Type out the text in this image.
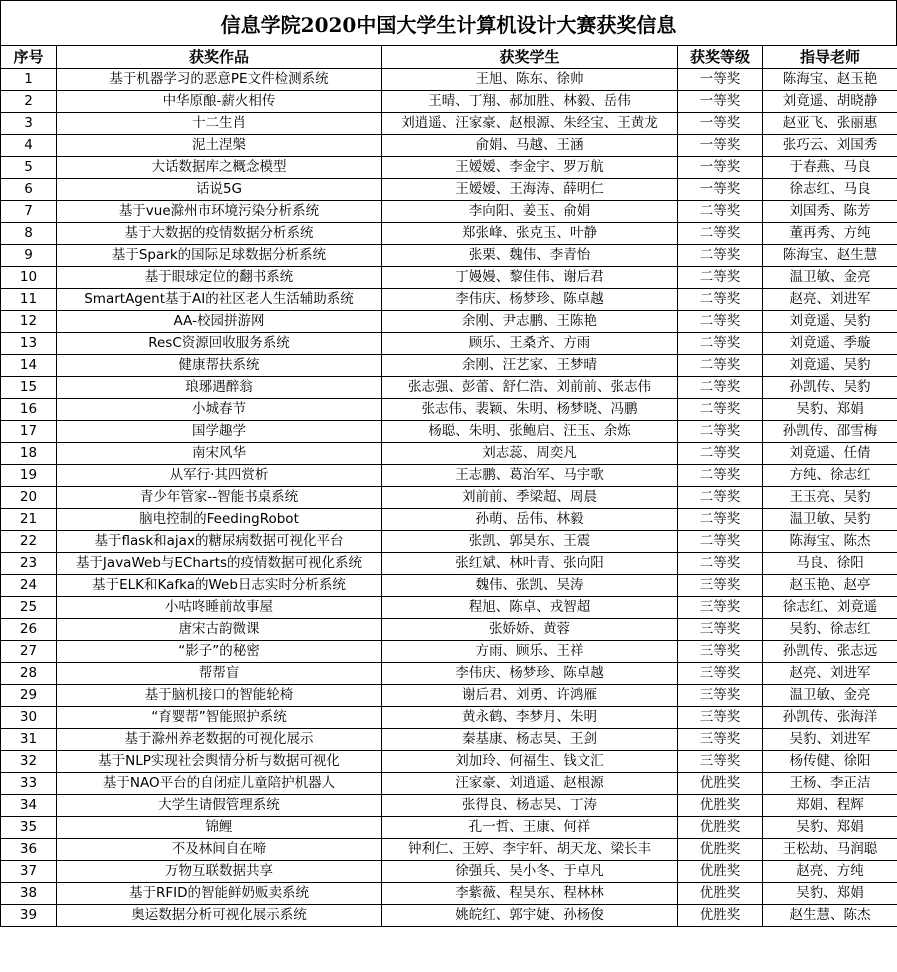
信息学院2020中国大学生计算机设计大赛获奖信息
序号	获奖作品	获奖学生	获奖等级	指导老师
1	基于机器学习的恶意PE文件检测系统	王旭、陈东、徐帅	一等奖	陈海宝、赵玉艳
2	中华原酿-薪火相传	王晴、丁翔、郝加胜、林毅、岳伟	一等奖	刘竟遥、胡晓静
3	十二生肖	刘逍遥、汪家豪、赵根源、朱经宝、王黄龙	一等奖	赵亚飞、张丽惠
4	泥土涅槃	俞娟、马越、王涵	一等奖	张巧云、刘国秀
5	大话数据库之概念模型	王嫒嫒、李金宇、罗万航	一等奖	于春燕、马良
6	话说5G	王嫒嫒、王海涛、薛明仁	一等奖	徐志红、马良
7	基于vue滁州市环境污染分析系统	李向阳、姜玉、俞娟	二等奖	刘国秀、陈芳
8	基于大数据的疫情数据分析系统	郑张峰、张克玉、叶静	二等奖	董再秀、方纯
9	基于Spark的国际足球数据分析系统	张栗、魏伟、李青怡	二等奖	陈海宝、赵生慧
10	基于眼球定位的翻书系统	丁嫚嫚、黎佳伟、谢后君	二等奖	温卫敏、金亮
11	SmartAgent基于AI的社区老人生活辅助系统	李伟庆、杨梦珍、陈卓越	二等奖	赵亮、刘进军
12	AA-校园拼游网	余刚、尹志鹏、王陈艳	二等奖	刘竟遥、吴豹
13	ResC资源回收服务系统	顾乐、王桑齐、方雨	二等奖	刘竟遥、季璇
14	健康帮扶系统	余刚、汪艺家、王梦晴	二等奖	刘竟遥、吴豹
15	琅琊遇醉翁	张志强、彭蕾、舒仁浩、刘前前、张志伟	二等奖	孙凯传、吴豹
16	小城春节	张志伟、裴颖、朱明、杨梦晓、冯鹏	二等奖	吴豹、郑娟
17	国学趣学	杨聪、朱明、张鲍启、汪玉、余炼	二等奖	孙凯传、邵雪梅
18	南宋风华	刘志蕊、周奕凡	二等奖	刘竟遥、任倩
19	从军行·其四赏析	王志鹏、葛治军、马宇歌	二等奖	方纯、徐志红
20	青少年管家--智能书桌系统	刘前前、季梁超、周晨	二等奖	王玉亮、吴豹
21	脑电控制的FeedingRobot	孙萌、岳伟、林毅	二等奖	温卫敏、吴豹
22	基于flask和ajax的糖尿病数据可视化平台	张凯、郭昊东、王震	二等奖	陈海宝、陈杰
23	基于JavaWeb与ECharts的疫情数据可视化系统	张红斌、林叶青、张向阳	二等奖	马良、徐阳
24	基于ELK和Kafka的Web日志实时分析系统	魏伟、张凯、吴涛	三等奖	赵玉艳、赵亭
25	小咕咚睡前故事屋	程旭、陈卓、戎智超	三等奖	徐志红、刘竟遥
26	唐宋古韵微课	张娇娇、黄蓉	三等奖	吴豹、徐志红
27	“影子”的秘密	方雨、顾乐、王祥	三等奖	孙凯传、张志远
28	帮帮盲	李伟庆、杨梦珍、陈卓越	三等奖	赵亮、刘进军
29	基于脑机接口的智能轮椅	谢后君、刘勇、许鸿雁	三等奖	温卫敏、金亮
30	“育婴帮”智能照护系统	黄永鹤、李梦月、朱明	三等奖	孙凯传、张海洋
31	基于滁州养老数据的可视化展示	秦基康、杨志昊、王剑	三等奖	吴豹、刘进军
32	基于NLP实现社会舆情分析与数据可视化	刘加玲、何福生、钱文汇	三等奖	杨传健、徐阳
33	基于NAO平台的自闭症儿童陪护机器人	汪家豪、刘逍遥、赵根源	优胜奖	王杨、李正洁
34	大学生请假管理系统	张得良、杨志昊、丁涛	优胜奖	郑娟、程辉
35	锦鲤	孔一哲、王康、何祥	优胜奖	吴豹、郑娟
36	不及林间自在啼	钟利仁、王婷、李宇轩、胡天龙、梁长丰	优胜奖	王松劫、马润聪
37	万物互联数据共享	徐强兵、吴小冬、于卓凡	优胜奖	赵亮、方纯
38	基于RFID的智能鲜奶贩卖系统	李紫薇、程昊东、程林林	优胜奖	吴豹、郑娟
39	奥运数据分析可视化展示系统	姚皖红、郭宇婕、孙杨俊	优胜奖	赵生慧、陈杰
